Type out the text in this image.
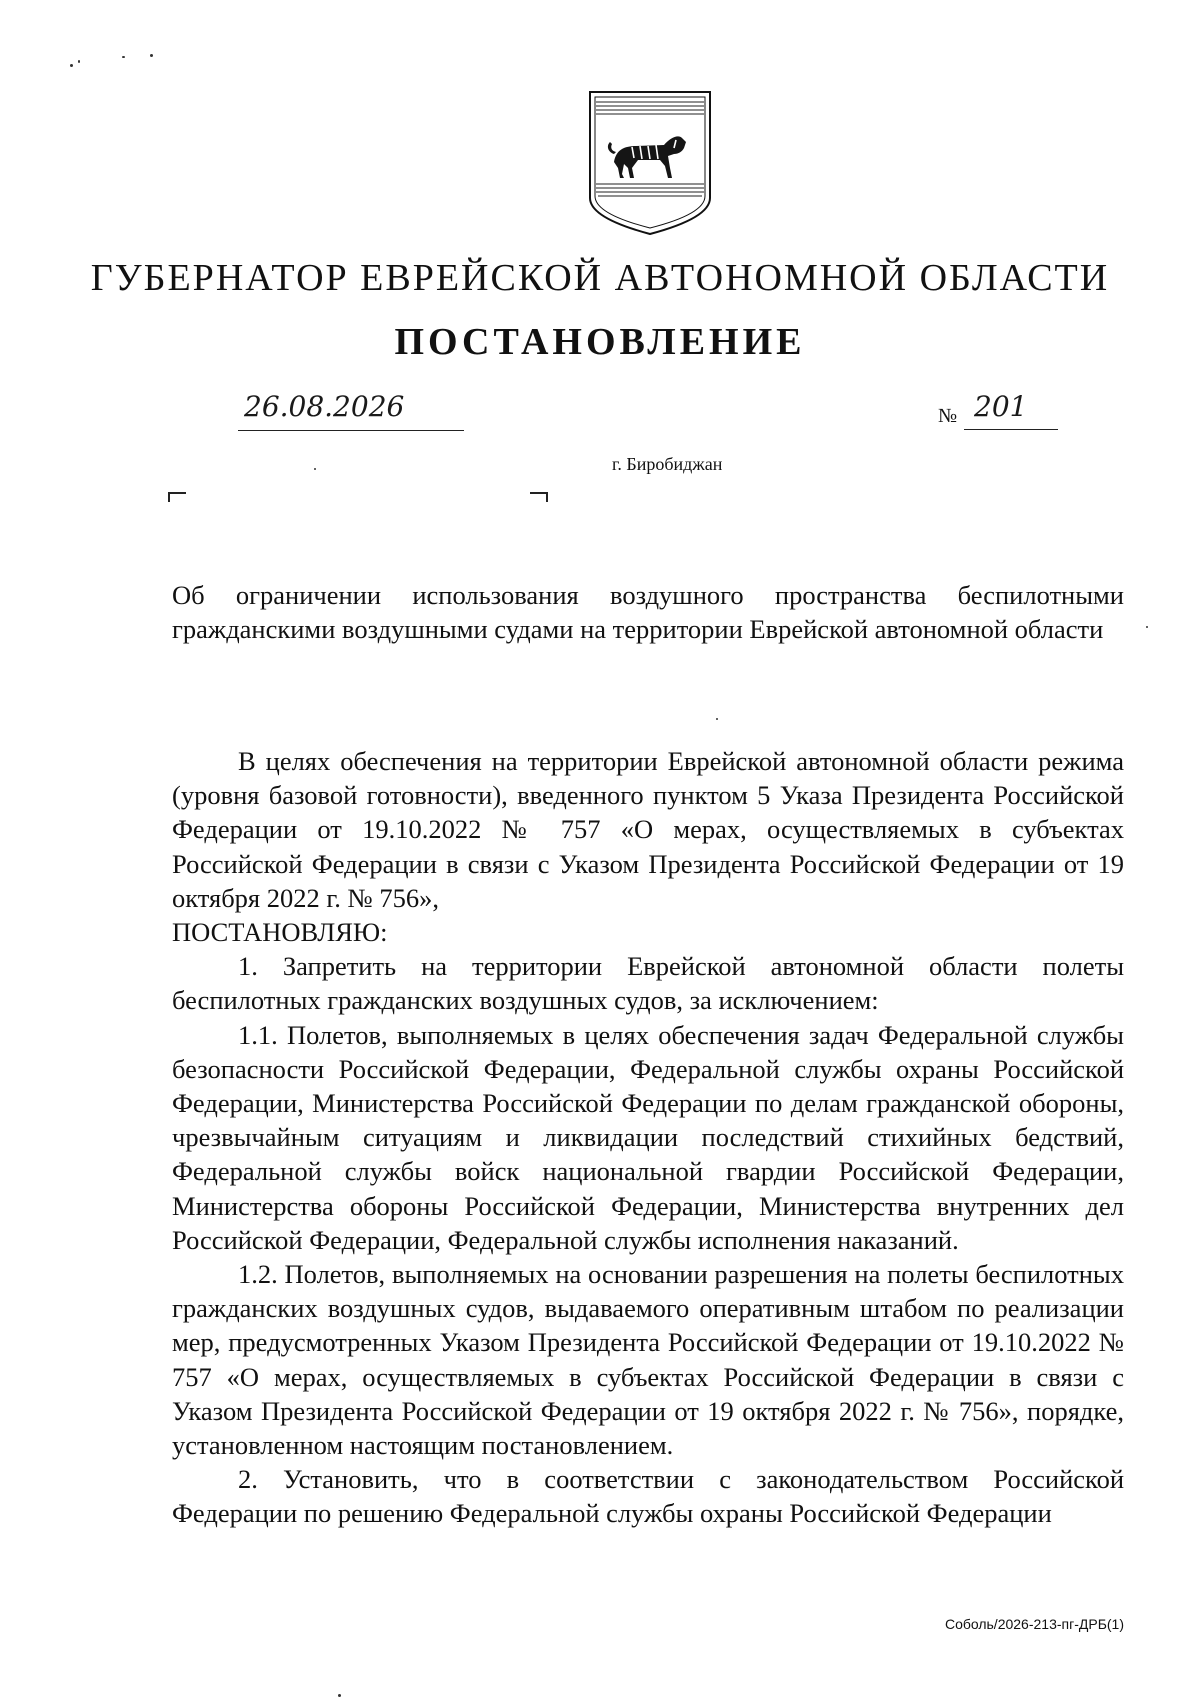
ГУБЕРНАТОР ЕВРЕЙСКОЙ АВТОНОМНОЙ ОБЛАСТИ
ПОСТАНОВЛЕНИЕ
26.08.2026	№ 201
г. Биробиджан
Об ограничении использования воздушного пространства беспилотными гражданскими воздушными судами на территории Еврейской автономной области

В целях обеспечения на территории Еврейской автономной области режима (уровня базовой готовности), введенного пунктом 5 Указа Президента Российской Федерации от 19.10.2022 № 757 «О мерах, осуществляемых в субъектах Российской Федерации в связи с Указом Президента Российской Федерации от 19 октября 2022 г. № 756»,

ПОСТАНОВЛЯЮ:

1. Запретить на территории Еврейской автономной области полеты беспилотных гражданских воздушных судов, за исключением:

1.1. Полетов, выполняемых в целях обеспечения задач Федеральной службы безопасности Российской Федерации, Федеральной службы охраны Российской Федерации, Министерства Российской Федерации по делам гражданской обороны, чрезвычайным ситуациям и ликвидации последствий стихийных бедствий, Федеральной службы войск национальной гвардии Российской Федерации, Министерства обороны Российской Федерации, Министерства внутренних дел Российской Федерации, Федеральной службы исполнения наказаний.

1.2. Полетов, выполняемых на основании разрешения на полеты беспилотных гражданских воздушных судов, выдаваемого оперативным штабом по реализации мер, предусмотренных Указом Президента Российской Федерации от 19.10.2022 № 757 «О мерах, осуществляемых в субъектах Российской Федерации в связи с Указом Президента Российской Федерации от 19 октября 2022 г. № 756», порядке, установленном настоящим постановлением.

2. Установить, что в соответствии с законодательством Российской Федерации по решению Федеральной службы охраны Российской Федерации

Соболь/2026-213-пг-ДРБ(1)
